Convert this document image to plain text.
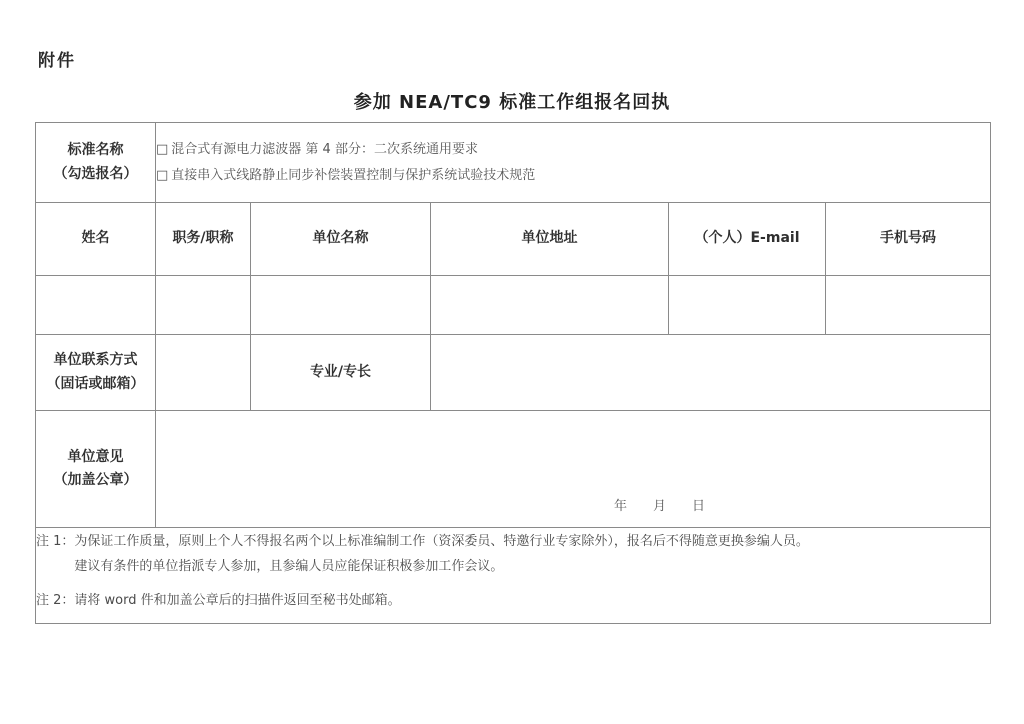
附件
参加 NEA/TC9 标准工作组报名回执
标准名称
（勾选报名）

□ 混合式有源电力滤波器 第 4 部分：二次系统通用要求
□ 直接串入式线路静止同步补偿装置控制与保护系统试验技术规范

姓名	职务/职称	单位名称	单位地址	（个人）E-mail	手机号码

单位联系方式
（固话或邮箱）		专业/专长			

单位意见
（加盖公章）	年　　月　　日				

注 1： 为保证工作质量，原则上个人不得报名两个以上标准编制工作（资深委员、特邀行业专家除外），报名后不得随意更换参编人员。
建议有条件的单位指派专人参加，且参编人员应能保证积极参加工作会议。
注 2： 请将 word 件和加盖公章后的扫描件返回至秘书处邮箱。					
